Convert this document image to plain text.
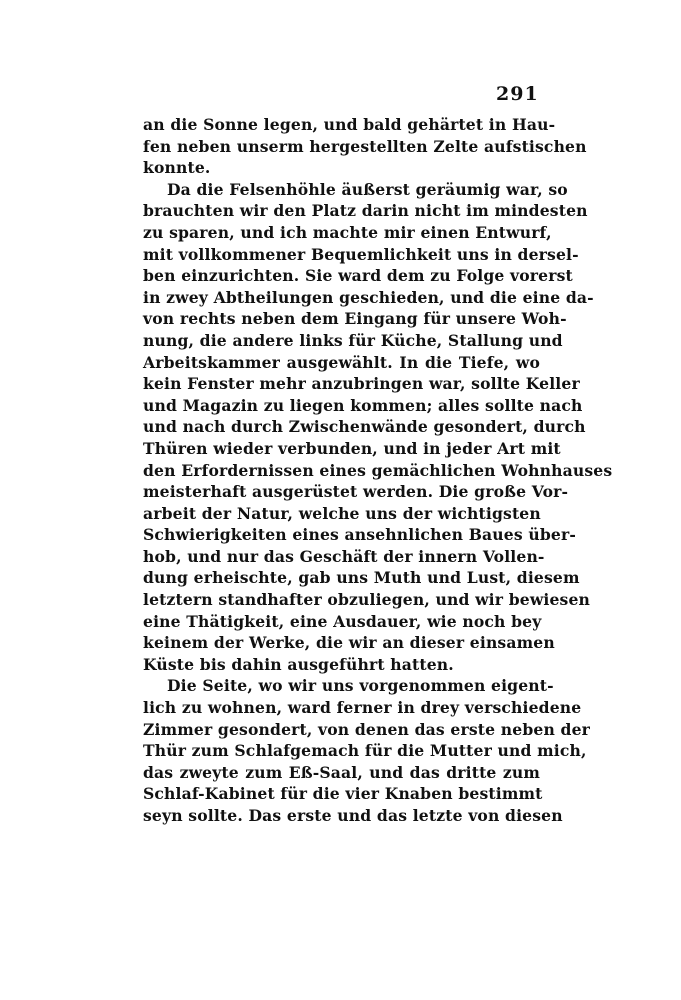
291
an die Sonne legen, und bald gehärtet in Hau-
fen neben unserm hergestellten Zelte aufstischen
konnte.
Da die Felsenhöhle äußerst geräumig war, so
brauchten wir den Platz darin nicht im mindesten
zu sparen, und ich machte mir einen Entwurf,
mit vollkommener Bequemlichkeit uns in dersel-
ben einzurichten. Sie ward dem zu Folge vorerst
in zwey Abtheilungen geschieden, und die eine da-
von rechts neben dem Eingang für unsere Woh-
nung, die andere links für Küche, Stallung und
Arbeitskammer ausgewählt. In die Tiefe, wo
kein Fenster mehr anzubringen war, sollte Keller
und Magazin zu liegen kommen; alles sollte nach
und nach durch Zwischenwände gesondert, durch
Thüren wieder verbunden, und in jeder Art mit
den Erfordernissen eines gemächlichen Wohnhauses
meisterhaft ausgerüstet werden. Die große Vor-
arbeit der Natur, welche uns der wichtigsten
Schwierigkeiten eines ansehnlichen Baues über-
hob, und nur das Geschäft der innern Vollen-
dung erheischte, gab uns Muth und Lust, diesem
letztern standhafter obzuliegen, und wir bewiesen
eine Thätigkeit, eine Ausdauer, wie noch bey
keinem der Werke, die wir an dieser einsamen
Küste bis dahin ausgeführt hatten.
Die Seite, wo wir uns vorgenommen eigent-
lich zu wohnen, ward ferner in drey verschiedene
Zimmer gesondert, von denen das erste neben der
Thür zum Schlafgemach für die Mutter und mich,
das zweyte zum Eß-Saal, und das dritte zum
Schlaf-Kabinet für die vier Knaben bestimmt
seyn sollte. Das erste und das letzte von diesen
